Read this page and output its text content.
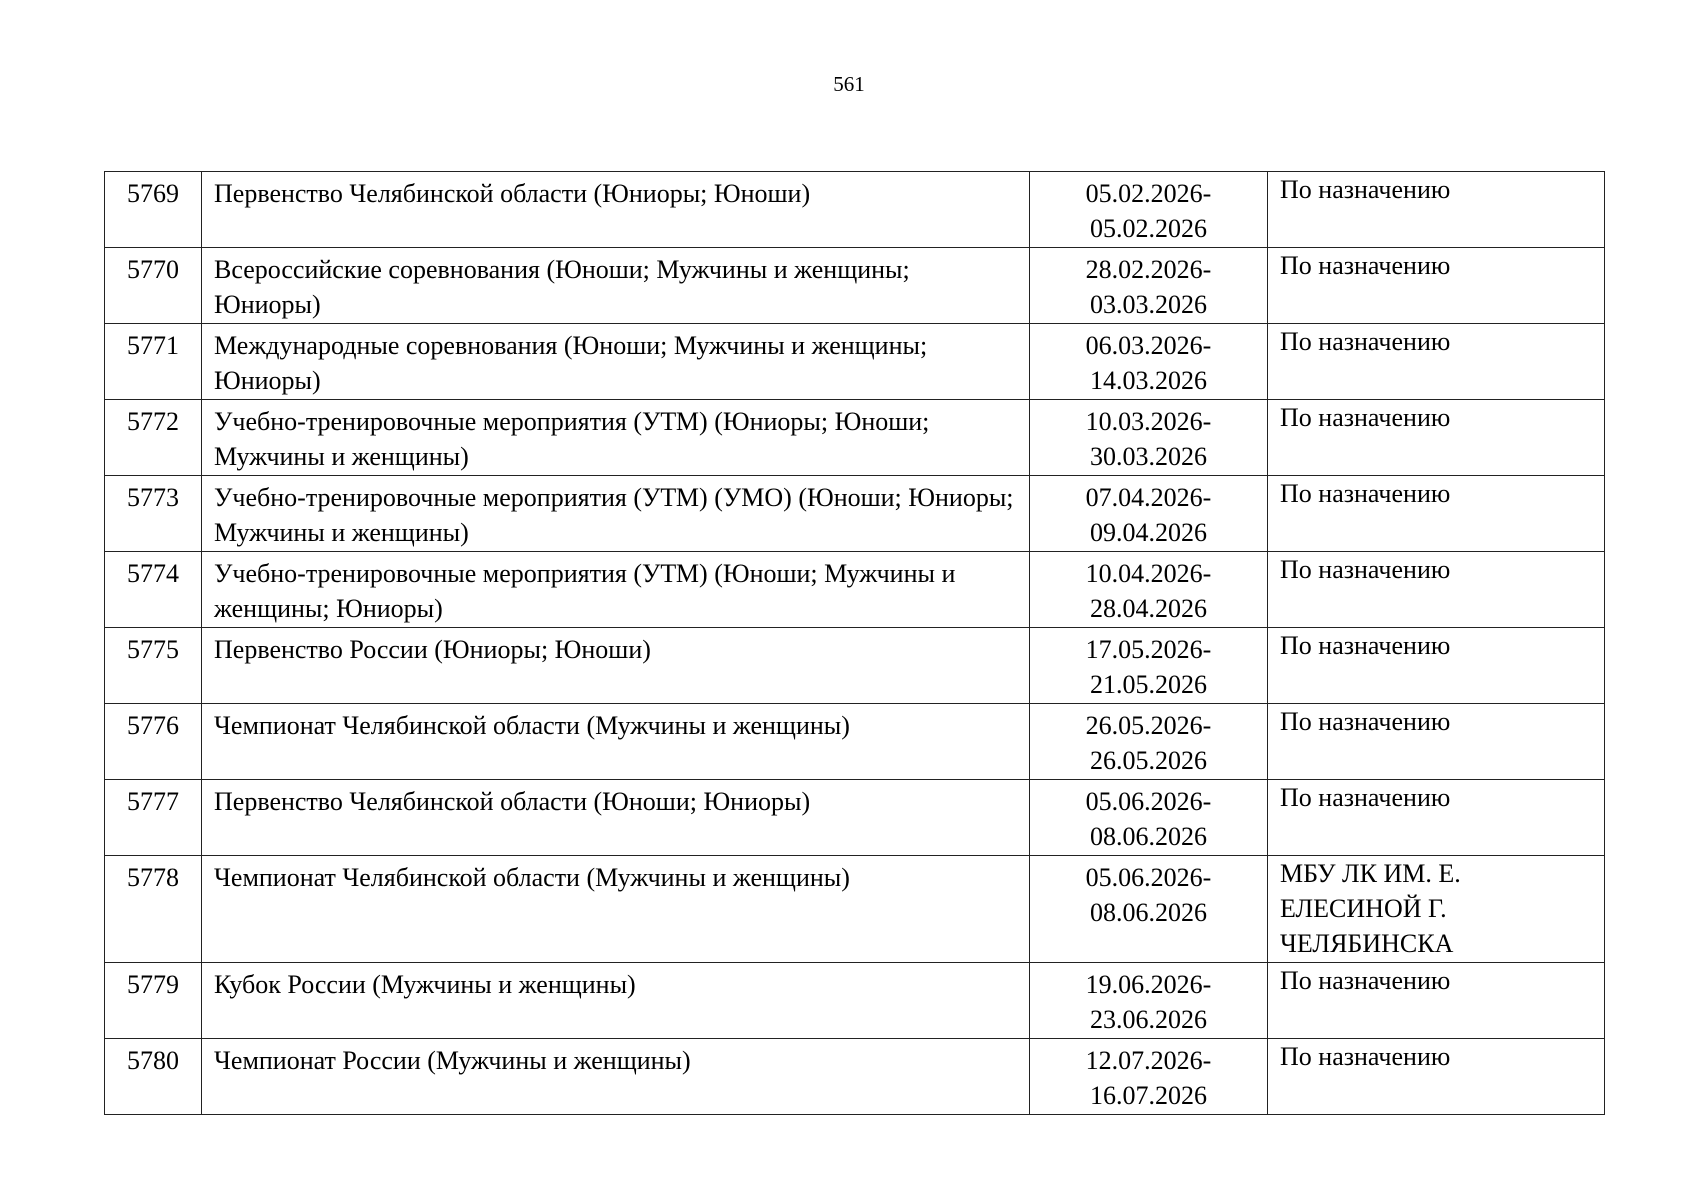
561
5769	Первенство Челябинской области (Юниоры; Юноши)	05.02.2026-
05.02.2026	По назначению
5770	Всероссийские соревнования (Юноши; Мужчины и женщины; Юниоры)	28.02.2026-
03.03.2026	По назначению
5771	Международные соревнования (Юноши; Мужчины и женщины; Юниоры)	06.03.2026-
14.03.2026	По назначению
5772	Учебно-тренировочные мероприятия (УТМ) (Юниоры; Юноши; Мужчины и женщины)	10.03.2026-
30.03.2026	По назначению
5773	Учебно-тренировочные мероприятия (УТМ) (УМО) (Юноши; Юниоры; Мужчины и женщины)	07.04.2026-
09.04.2026	По назначению
5774	Учебно-тренировочные мероприятия (УТМ) (Юноши; Мужчины и женщины; Юниоры)	10.04.2026-
28.04.2026	По назначению
5775	Первенство России (Юниоры; Юноши)	17.05.2026-
21.05.2026	По назначению
5776	Чемпионат Челябинской области (Мужчины и женщины)	26.05.2026-
26.05.2026	По назначению
5777	Первенство Челябинской области (Юноши; Юниоры)	05.06.2026-
08.06.2026	По назначению
5778	Чемпионат Челябинской области (Мужчины и женщины)	05.06.2026-
08.06.2026	МБУ ЛК ИМ. Е.
ЕЛЕСИНОЙ Г.
ЧЕЛЯБИНСКА

5779	Кубок России (Мужчины и женщины)	19.06.2026-
23.06.2026	По назначению
5780	Чемпионат России (Мужчины и женщины)	12.07.2026-
16.07.2026	По назначению
